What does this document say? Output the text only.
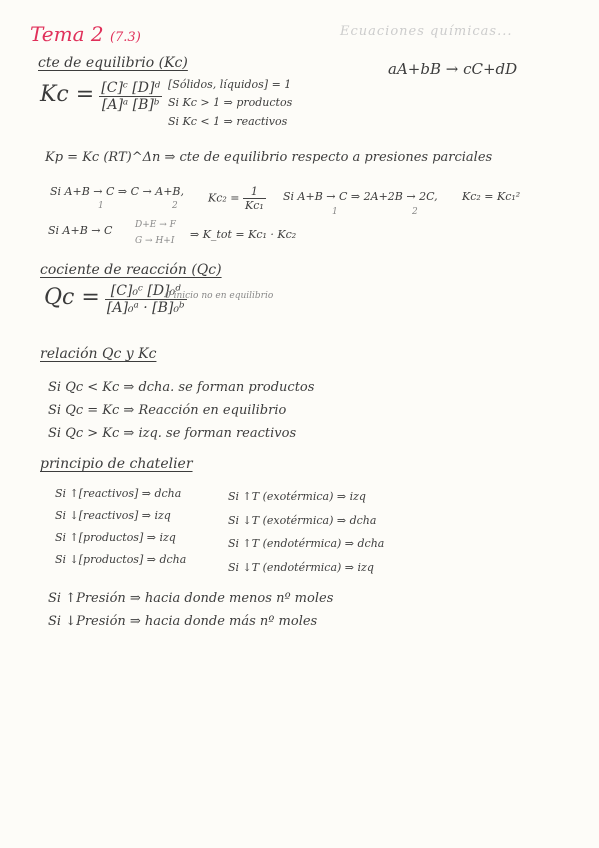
Tema 2 (7.3)	Ecuaciones químicas...
cte de equilibrio (Kc)	aA+bB → cC+dD
$Kc = \frac{\text{[C]ᶜ [D]ᵈ}}{\text{[A]ᵃ [B]ᵇ}}$ [Sólidos, líquidos] = 1
Si Kc > 1 ⇒ productos
Si Kc < 1 ⇒ reactivos
Kp = Kc (RT)^Δn ⇒ cte de equilibrio respecto a presiones parciales
Si A+B → C ⇒ C → A+B,
1	2
$Kc_2 = \frac{1}{\text{Kc₁}}$ Si A+B → C ⇒ 2A+2B → 2C,
1	2
Kc₂ = Kc₁²
Si A+B → C	D+E → F
G → H+I ⇒ K_tot = Kc₁ · Kc₂
cociente de reacción (Qc)
$Qc = \frac{\text{[C]₀ᶜ [D]₀ᵈ}}{\text{[A]₀ᵃ · [B]₀ᵇ}}$
0 inicio no en equilibrio
relación Qc y Kc
Si Qc < Kc ⇒ dcha. se forman productos
Si Qc = Kc ⇒ Reacción en equilibrio
Si Qc > Kc ⇒ izq. se forman reactivos
principio de chatelier
Si ↑[reactivos] ⇒ dcha
Si ↓[reactivos] ⇒ izq
Si ↑[productos] ⇒ izq
Si ↓[productos] ⇒ dcha
Si ↑T (exotérmica) ⇒ izq
Si ↓T (exotérmica) ⇒ dcha
Si ↑T (endotérmica) ⇒ dcha
Si ↓T (endotérmica) ⇒ izq
Si ↑Presión ⇒ hacia donde menos nº moles
Si ↓Presión ⇒ hacia donde más nº moles
